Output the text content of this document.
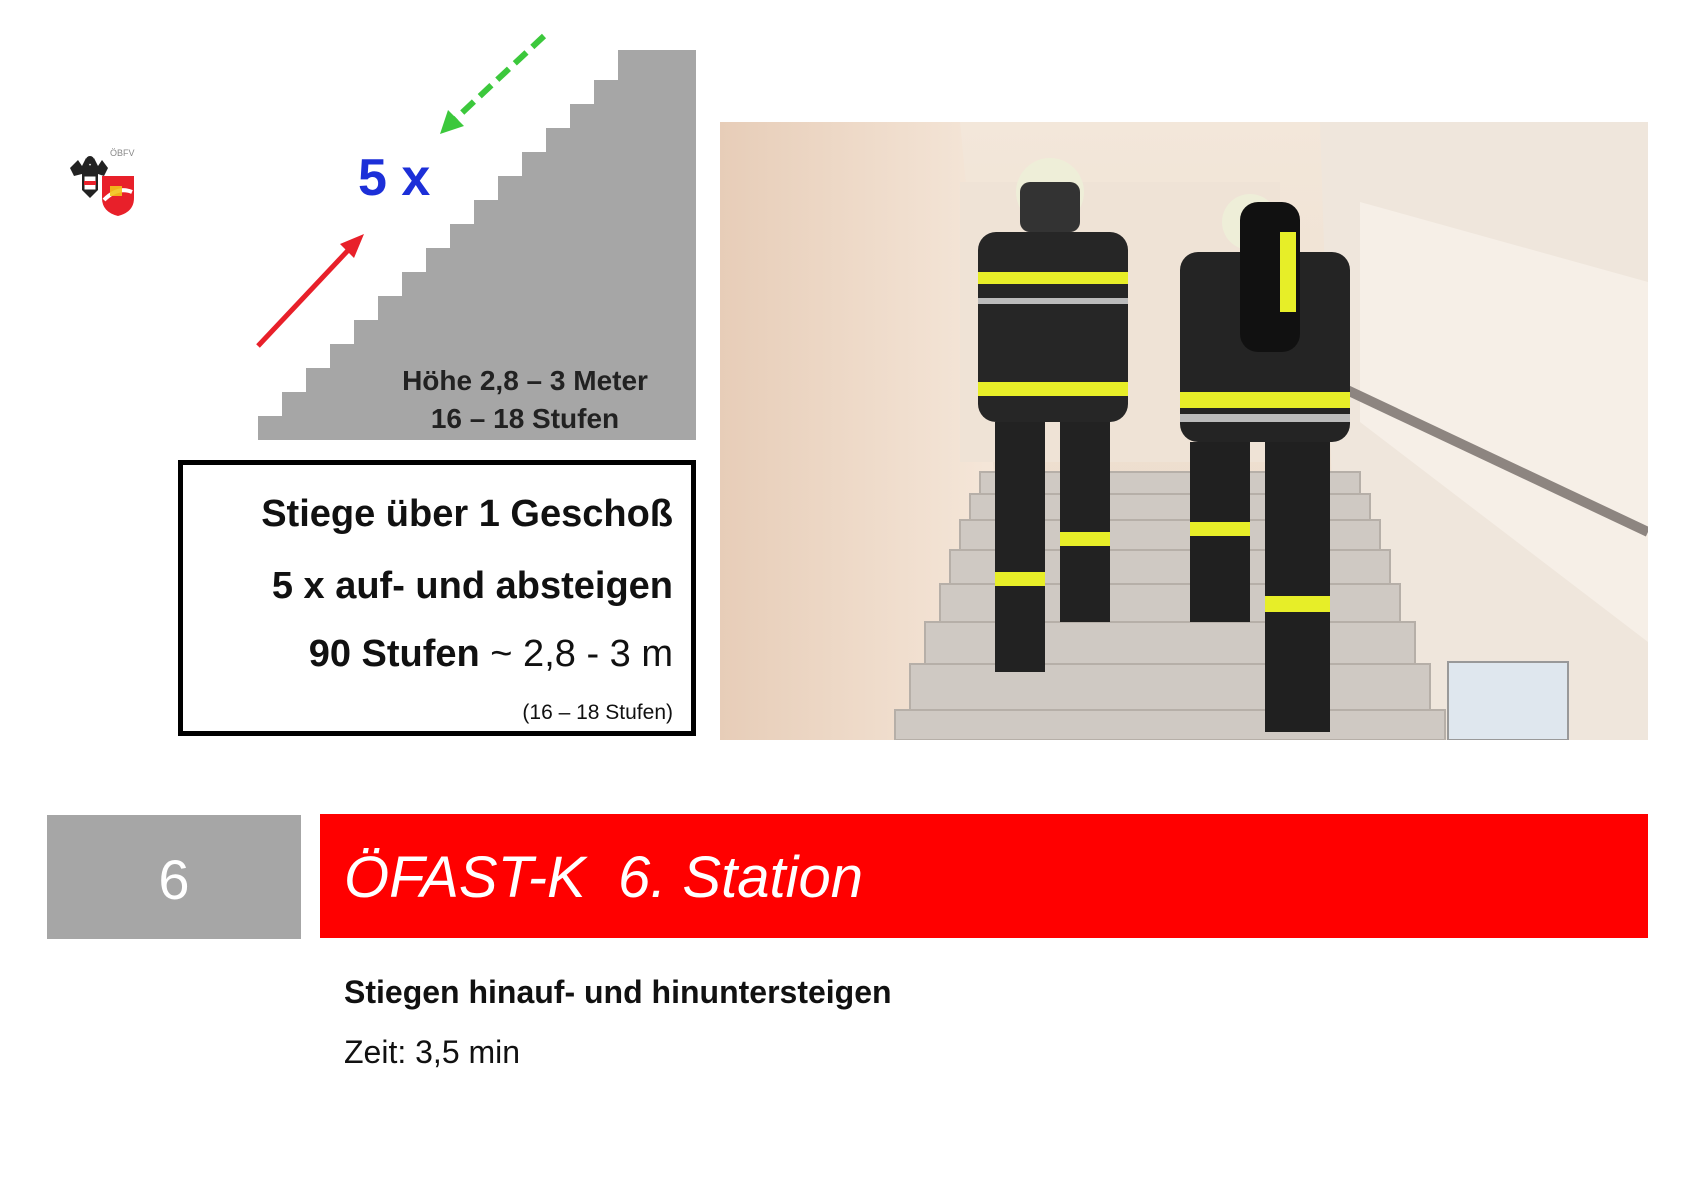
ÖBFV	5 x
Höhe 2,8 – 3 Meter
16 – 18 Stufen
Stiege über 1 Geschoß
5 x auf- und absteigen
90 Stufen ~ 2,8 - 3 m
(16 – 18 Stufen)
6	ÖFAST-K  6. Station
Stiegen hinauf- und hinuntersteigen
Zeit: 3,5 min
